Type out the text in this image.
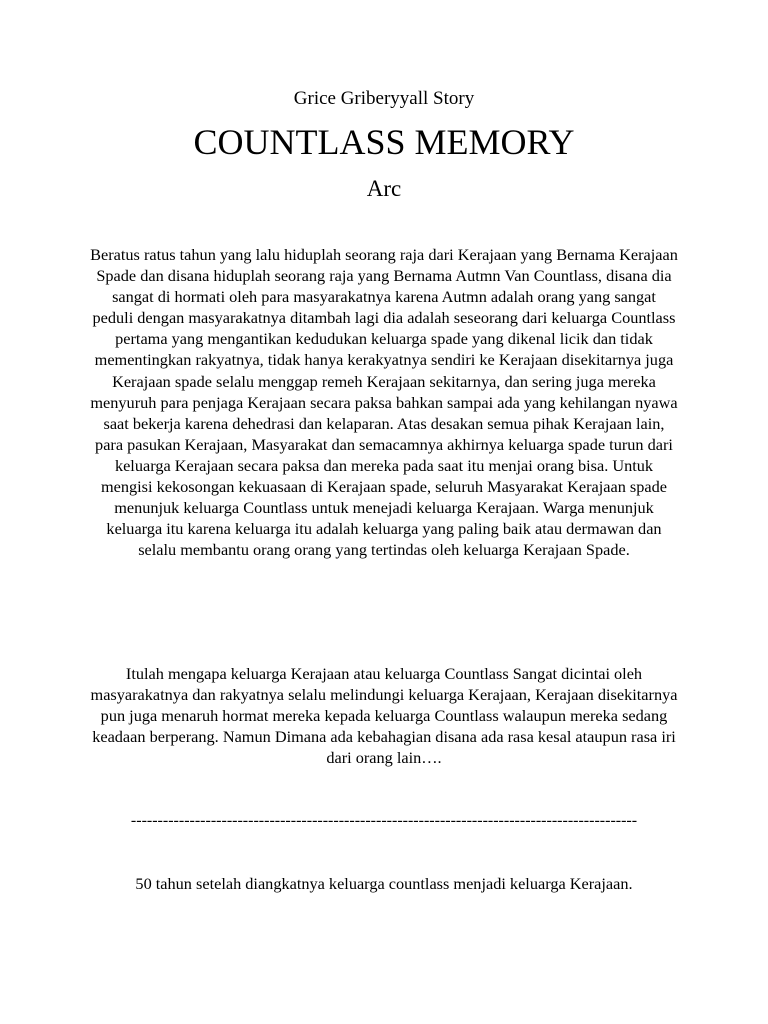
Grice Griberyyall Story

COUNTLASS MEMORY

Arc

Beratus ratus tahun yang lalu hiduplah seorang raja dari Kerajaan yang Bernama Kerajaan Spade dan disana hiduplah seorang raja yang Bernama Autmn Van Countlass, disana dia sangat di hormati oleh para masyarakatnya karena Autmn adalah orang yang sangat peduli dengan masyarakatnya ditambah lagi dia adalah seseorang dari keluarga Countlass pertama yang mengantikan kedudukan keluarga spade yang dikenal licik dan tidak mementingkan rakyatnya, tidak hanya kerakyatnya sendiri ke Kerajaan disekitarnya juga Kerajaan spade selalu menggap remeh Kerajaan sekitarnya, dan sering juga mereka menyuruh para penjaga Kerajaan secara paksa bahkan sampai ada yang kehilangan nyawa saat bekerja karena dehedrasi dan kelaparan. Atas desakan semua pihak Kerajaan lain, para pasukan Kerajaan, Masyarakat dan semacamnya akhirnya keluarga spade turun dari keluarga Kerajaan secara paksa dan mereka pada saat itu menjai orang bisa. Untuk mengisi kekosongan kekuasaan di Kerajaan spade, seluruh Masyarakat Kerajaan spade menunjuk keluarga Countlass untuk menejadi keluarga Kerajaan. Warga menunjuk keluarga itu karena keluarga itu adalah keluarga yang paling baik atau dermawan dan selalu membantu orang orang yang tertindas oleh keluarga Kerajaan Spade.

Itulah mengapa keluarga Kerajaan atau keluarga Countlass Sangat dicintai oleh masyarakatnya dan rakyatnya selalu melindungi keluarga Kerajaan, Kerajaan disekitarnya pun juga menaruh hormat mereka kepada keluarga Countlass walaupun mereka sedang keadaan berperang. Namun Dimana ada kebahagian disana ada rasa kesal ataupun rasa iri dari orang lain….

-----------------------------------------------------------------------------------------------

50 tahun setelah diangkatnya keluarga countlass menjadi keluarga Kerajaan.
